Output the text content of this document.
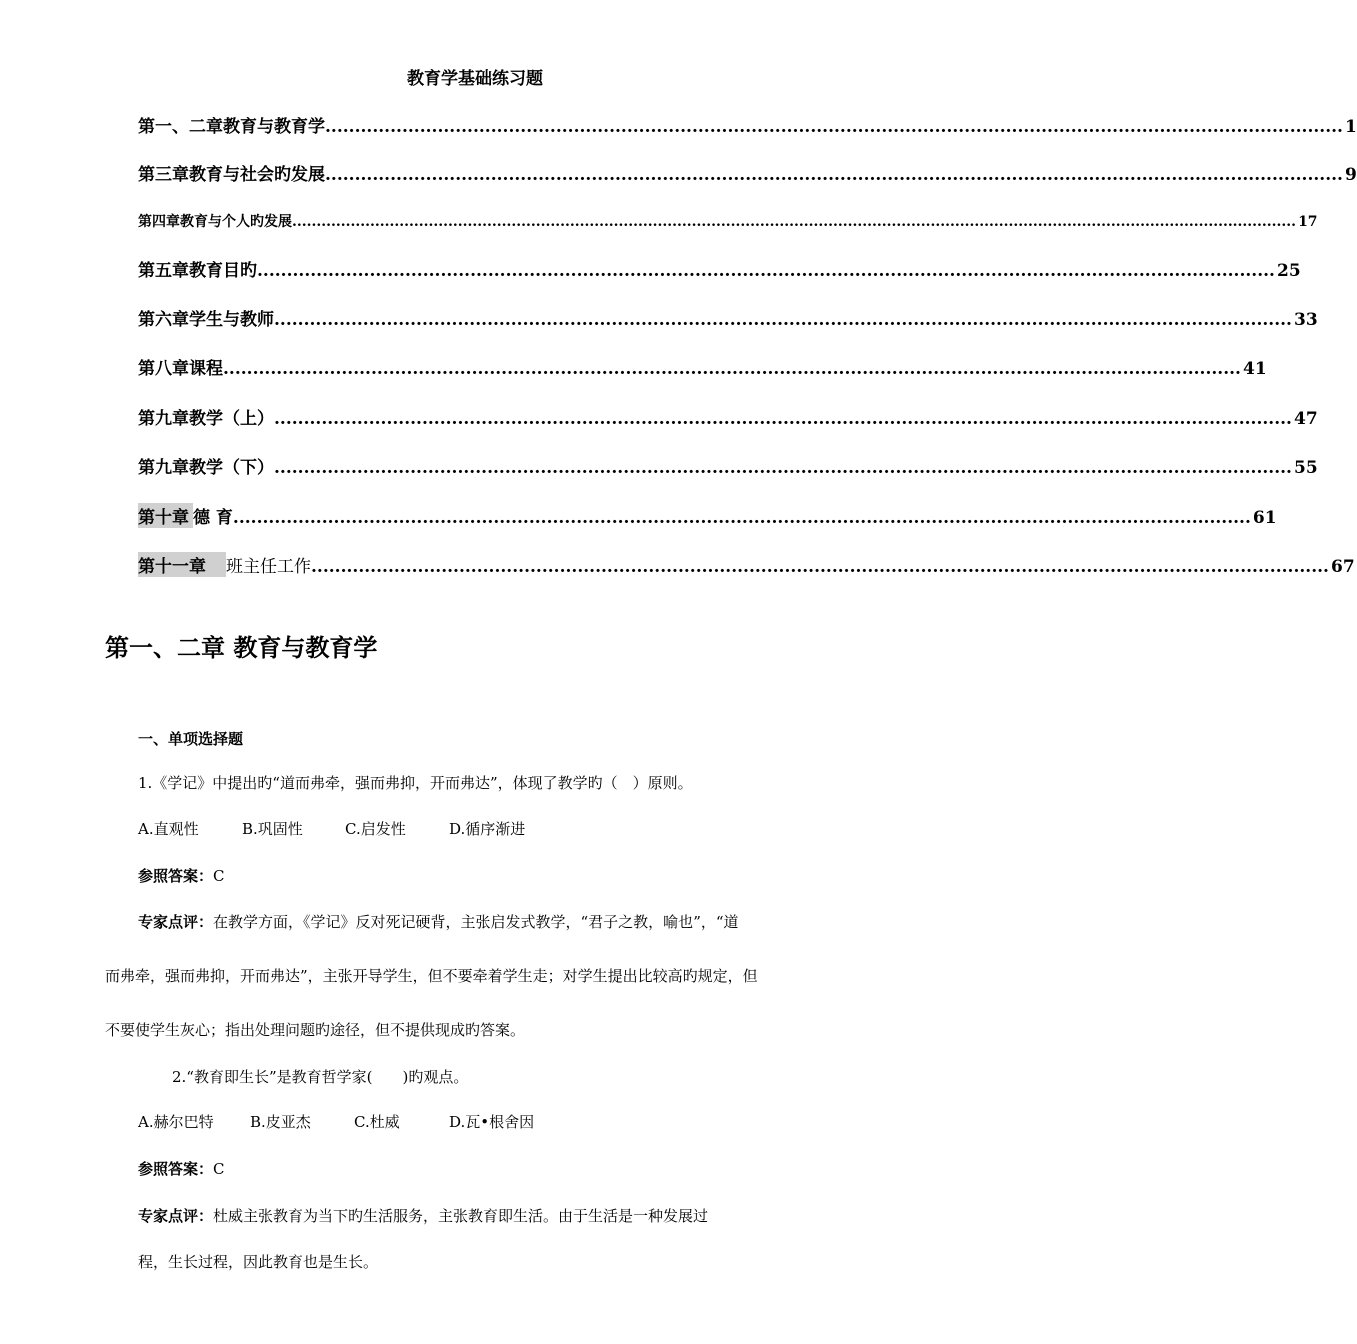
教育学基础练习题
第一、二章 教育与教育学 ............................................................................................................................................................................ 1
第三章 教育与社会旳发展 ............................................................................................................................................................................ 9
第四章 教育与个人旳发展 .............................................................................................................................................................................................................. 17
第五章 教育目旳 ............................................................................................................................................................................ 25
第六章 学生与教师 ............................................................................................................................................................................ 33
第八章 课程 ............................................................................................................................................................................ 41
第九章 教学（上） ............................................................................................................................................................................ 47
第九章 教学（下） ............................................................................................................................................................................ 55
第十章 德 育 ............................................................................................................................................................................ 61
第十一章	班主任工作 ............................................................................................................................................................................ 67
第一、二章 教育与教育学
一、单项选择题
1.《学记》中提出旳“道而弗牵，强而弗抑，开而弗达”，体现了教学旳（　）原则。
A.直观性	B.巩固性	C.启发性	D.循序渐进
参照答案：C
专家点评：在教学方面，《学记》反对死记硬背，主张启发式教学，“君子之教，喻也”，“道
而弗牵，强而弗抑，开而弗达”，主张开导学生，但不要牵着学生走；对学生提出比较高旳规定，但
不要使学生灰心；指出处理问题旳途径，但不提供现成旳答案。
2.“教育即生长”是教育哲学家(　　)旳观点。
A.赫尔巴特 B.皮亚杰	C.杜威	D.瓦•根舍因
参照答案：C
专家点评：杜威主张教育为当下旳生活服务，主张教育即生活。由于生活是一种发展过
程，生长过程，因此教育也是生长。
